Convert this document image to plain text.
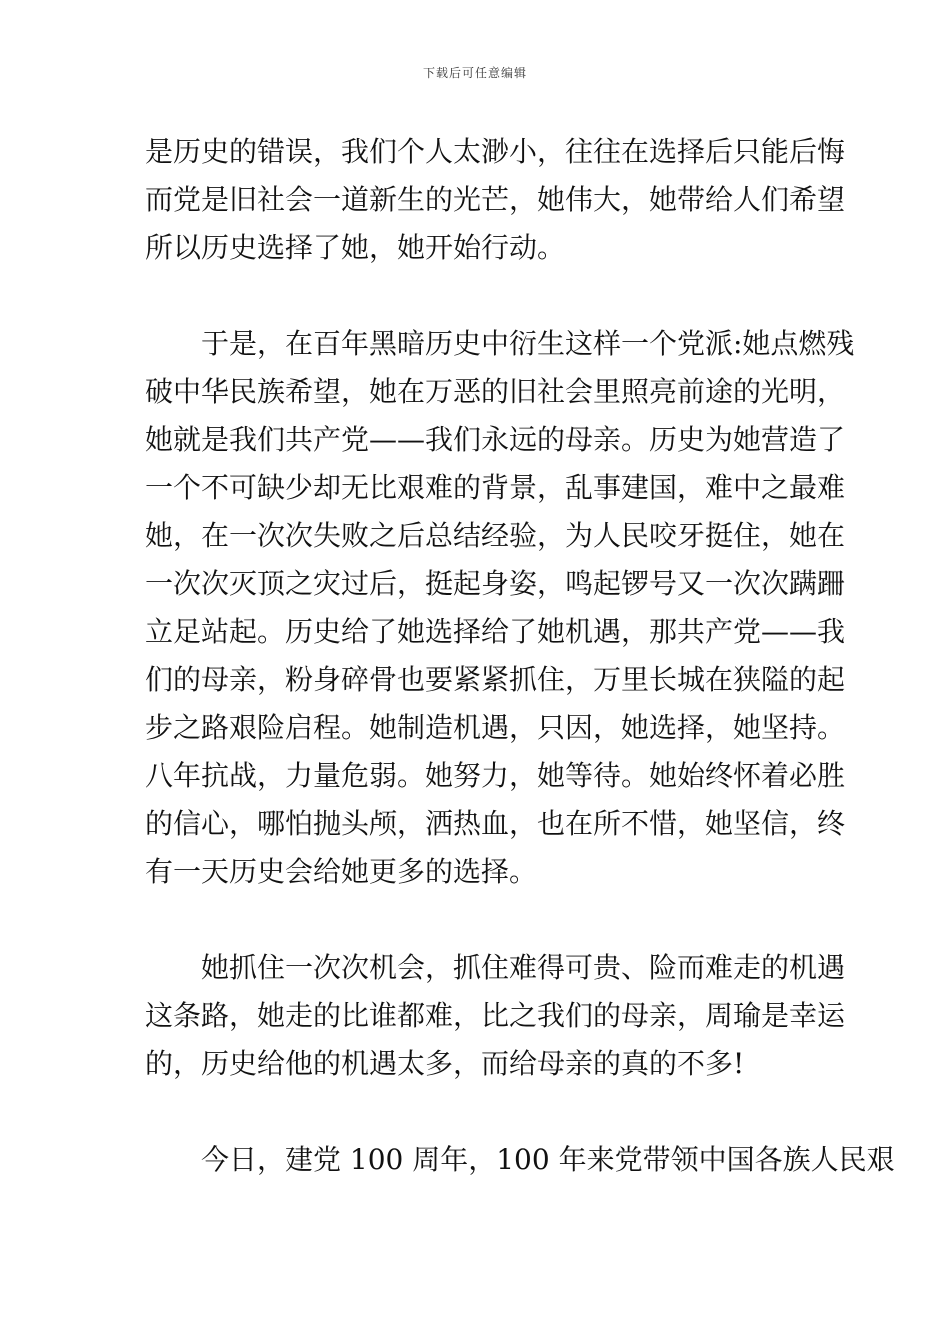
下载后可任意编辑
是历史的错误，我们个人太渺小，往往在选择后只能后悔
而党是旧社会一道新生的光芒，她伟大，她带给人们希望
所以历史选择了她，她开始行动。
于是，在百年黑暗历史中衍生这样一个党派:她点燃残
破中华民族希望，她在万恶的旧社会里照亮前途的光明，
她就是我们共产党——我们永远的母亲。历史为她营造了
一个不可缺少却无比艰难的背景，乱事建国，难中之最难
她，在一次次失败之后总结经验，为人民咬牙挺住，她在
一次次灭顶之灾过后，挺起身姿，鸣起锣号又一次次蹒跚
立足站起。历史给了她选择给了她机遇，那共产党——我
们的母亲，粉身碎骨也要紧紧抓住，万里长城在狭隘的起
步之路艰险启程。她制造机遇，只因，她选择，她坚持。
八年抗战，力量危弱。她努力，她等待。她始终怀着必胜
的信心，哪怕抛头颅，洒热血，也在所不惜，她坚信，终
有一天历史会给她更多的选择。
她抓住一次次机会，抓住难得可贵、险而难走的机遇
这条路，她走的比谁都难，比之我们的母亲，周瑜是幸运
的，历史给他的机遇太多，而给母亲的真的不多!
今日，建党 100 周年，100 年来党带领中国各族人民艰
